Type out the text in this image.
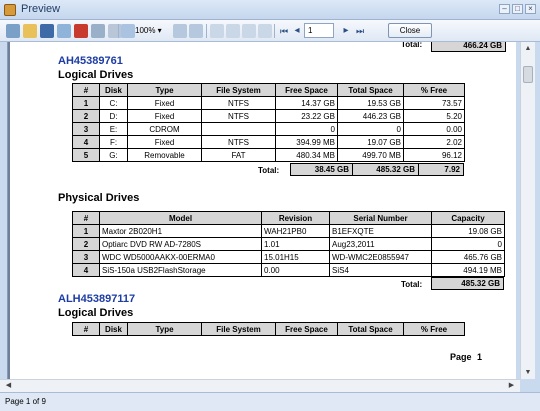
Preview	–	□	×
100% ▾	⏮ ◂	1	▸ ⏭	Close
Total:	466.24 GB
AH45389761
Logical Drives
#	Disk	Type	File System	Free Space	Total Space	% Free
1	C:	Fixed	NTFS	14.37 GB	19.53 GB	73.57
2	D:	Fixed	NTFS	23.22 GB	446.23 GB	5.20
3	E:	CDROM		0	0	0.00
4	F:	Fixed	NTFS	394.99 MB	19.07 GB	2.02
5	G:	Removable	FAT	480.34 MB	499.70 MB	96.12
Total:	38.45 GB	485.32 GB	7.92
Physical Drives
#	Model	Revision	Serial Number	Capacity
1	Maxtor 2B020H1	WAH21PB0	B1EFXQTE	19.08 GB
2	Optiarc DVD RW AD-7280S	1.01	Aug23,2011	0
3	WDC WD5000AAKX-00ERMA0	15.01H15	WD-WMC2E0855947	465.76 GB
4	SiS-150a USB2FlashStorage	0.00	SiS4	494.19 MB
Total:	485.32 GB
ALH453897117
Logical Drives
#	Disk	Type	File System	Free Space	Total Space	% Free
Page 1
▲
▼
◀	▶
Page 1 of 9
